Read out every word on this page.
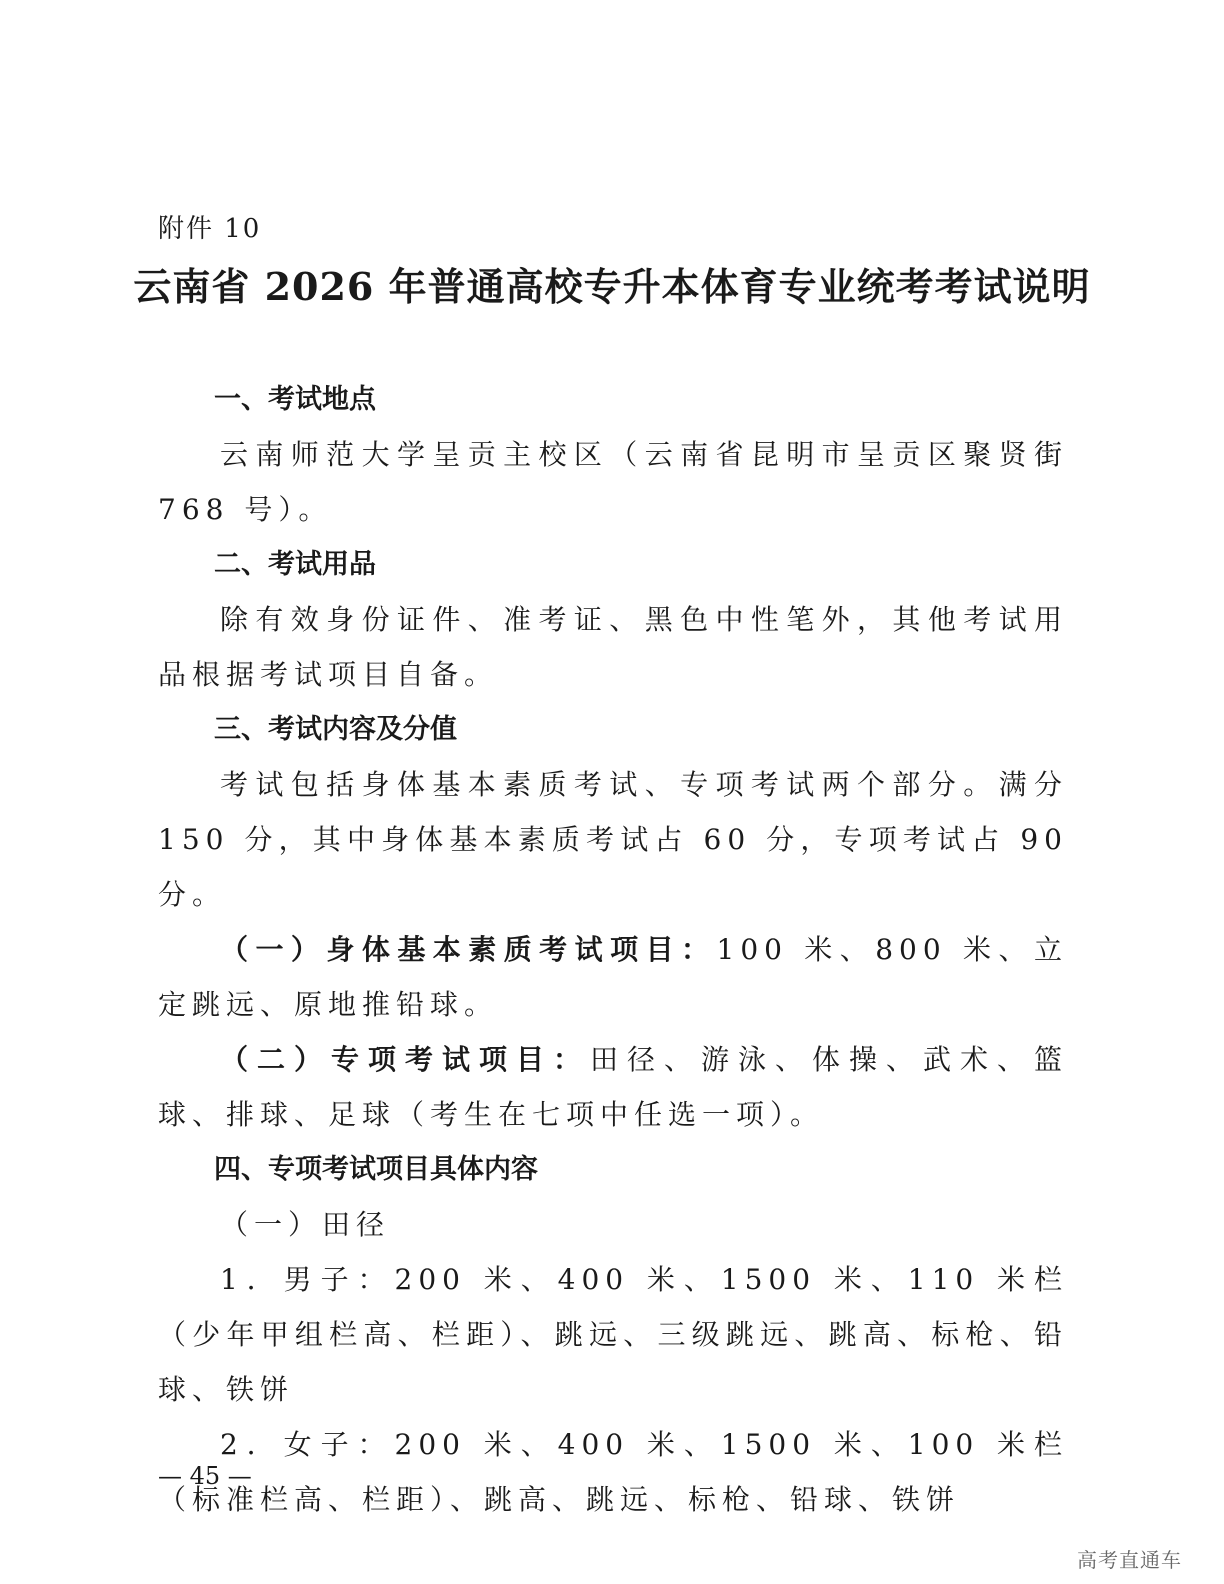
附件 10
云南省 2026 年普通高校专升本体育专业统考考试说明

一、考试地点

云南师范大学呈贡主校区（云南省昆明市呈贡区聚贤街 768 号）。

二、考试用品

除有效身份证件、准考证、黑色中性笔外，其他考试用品根据考试项目自备。

三、考试内容及分值

考试包括身体基本素质考试、专项考试两个部分。满分 150 分，其中身体基本素质考试占 60 分，专项考试占 90 分。

（一）身体基本素质考试项目：100 米、800 米、立定跳远、原地推铅球。

（二）专项考试项目：田径、游泳、体操、武术、篮球、排球、足球（考生在七项中任选一项）。

四、专项考试项目具体内容

（一）田径

1．男子：200 米、400 米、1500 米、110 米栏（少年甲组栏高、栏距）、跳远、三级跳远、跳高、标枪、铅球、铁饼

2．女子：200 米、400 米、1500 米、100 米栏（标准栏高、栏距）、跳高、跳远、标枪、铅球、铁饼

— 45 —
高考直通车
